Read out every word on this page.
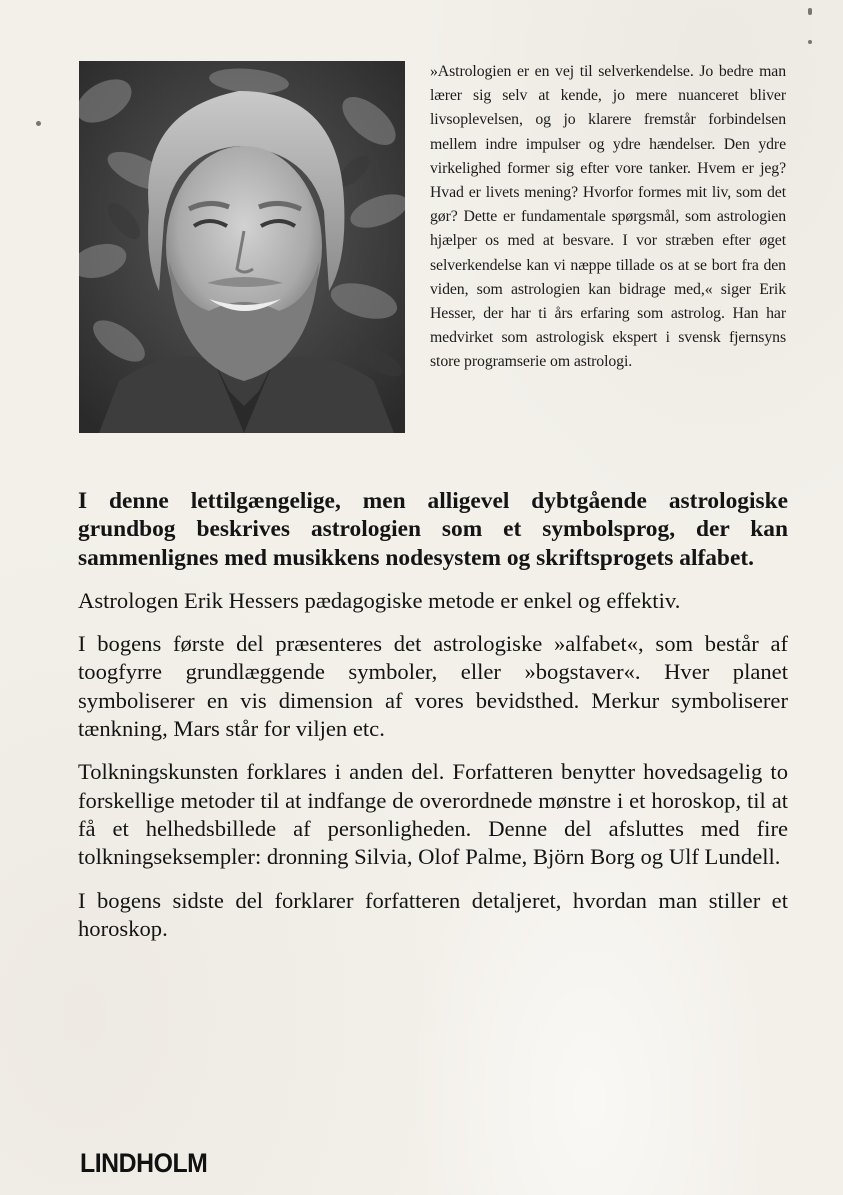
»Astrologien er en vej til selverkendelse. Jo bedre man lærer sig selv at kende, jo mere nuanceret bliver livsoplevelsen, og jo klarere fremstår forbindelsen mellem indre impulser og ydre hændelser. Den ydre virkelighed former sig efter vore tanker. Hvem er jeg? Hvad er livets mening? Hvorfor formes mit liv, som det gør? Dette er fundamentale spørgsmål, som astrologien hjælper os med at besvare. I vor stræben efter øget selverkendelse kan vi næppe tillade os at se bort fra den viden, som astrologien kan bidrage med,« siger Erik Hesser, der har ti års erfaring som astrolog. Han har medvirket som astrologisk ekspert i svensk fjernsyns store programserie om astrologi.

I denne lettilgængelige, men alligevel dybtgående astrologiske grundbog beskrives astrologien som et symbolsprog, der kan sammenlignes med musikkens nodesystem og skriftsprogets alfabet.

Astrologen Erik Hessers pædagogiske metode er enkel og effektiv.

I bogens første del præsenteres det astrologiske »alfabet«, som består af toogfyrre grundlæggende symboler, eller »bogstaver«. Hver planet symboliserer en vis dimension af vores bevidsthed. Merkur symboliserer tænkning, Mars står for viljen etc.

Tolkningskunsten forklares i anden del. Forfatteren benytter hovedsagelig to forskellige metoder til at indfange de overordnede mønstre i et horoskop, til at få et helhedsbillede af personligheden. Denne del afsluttes med fire tolkningseksempler: dronning Silvia, Olof Palme, Björn Borg og Ulf Lundell.

I bogens sidste del forklarer forfatteren detaljeret, hvordan man stiller et horoskop.

LINDHOLM
